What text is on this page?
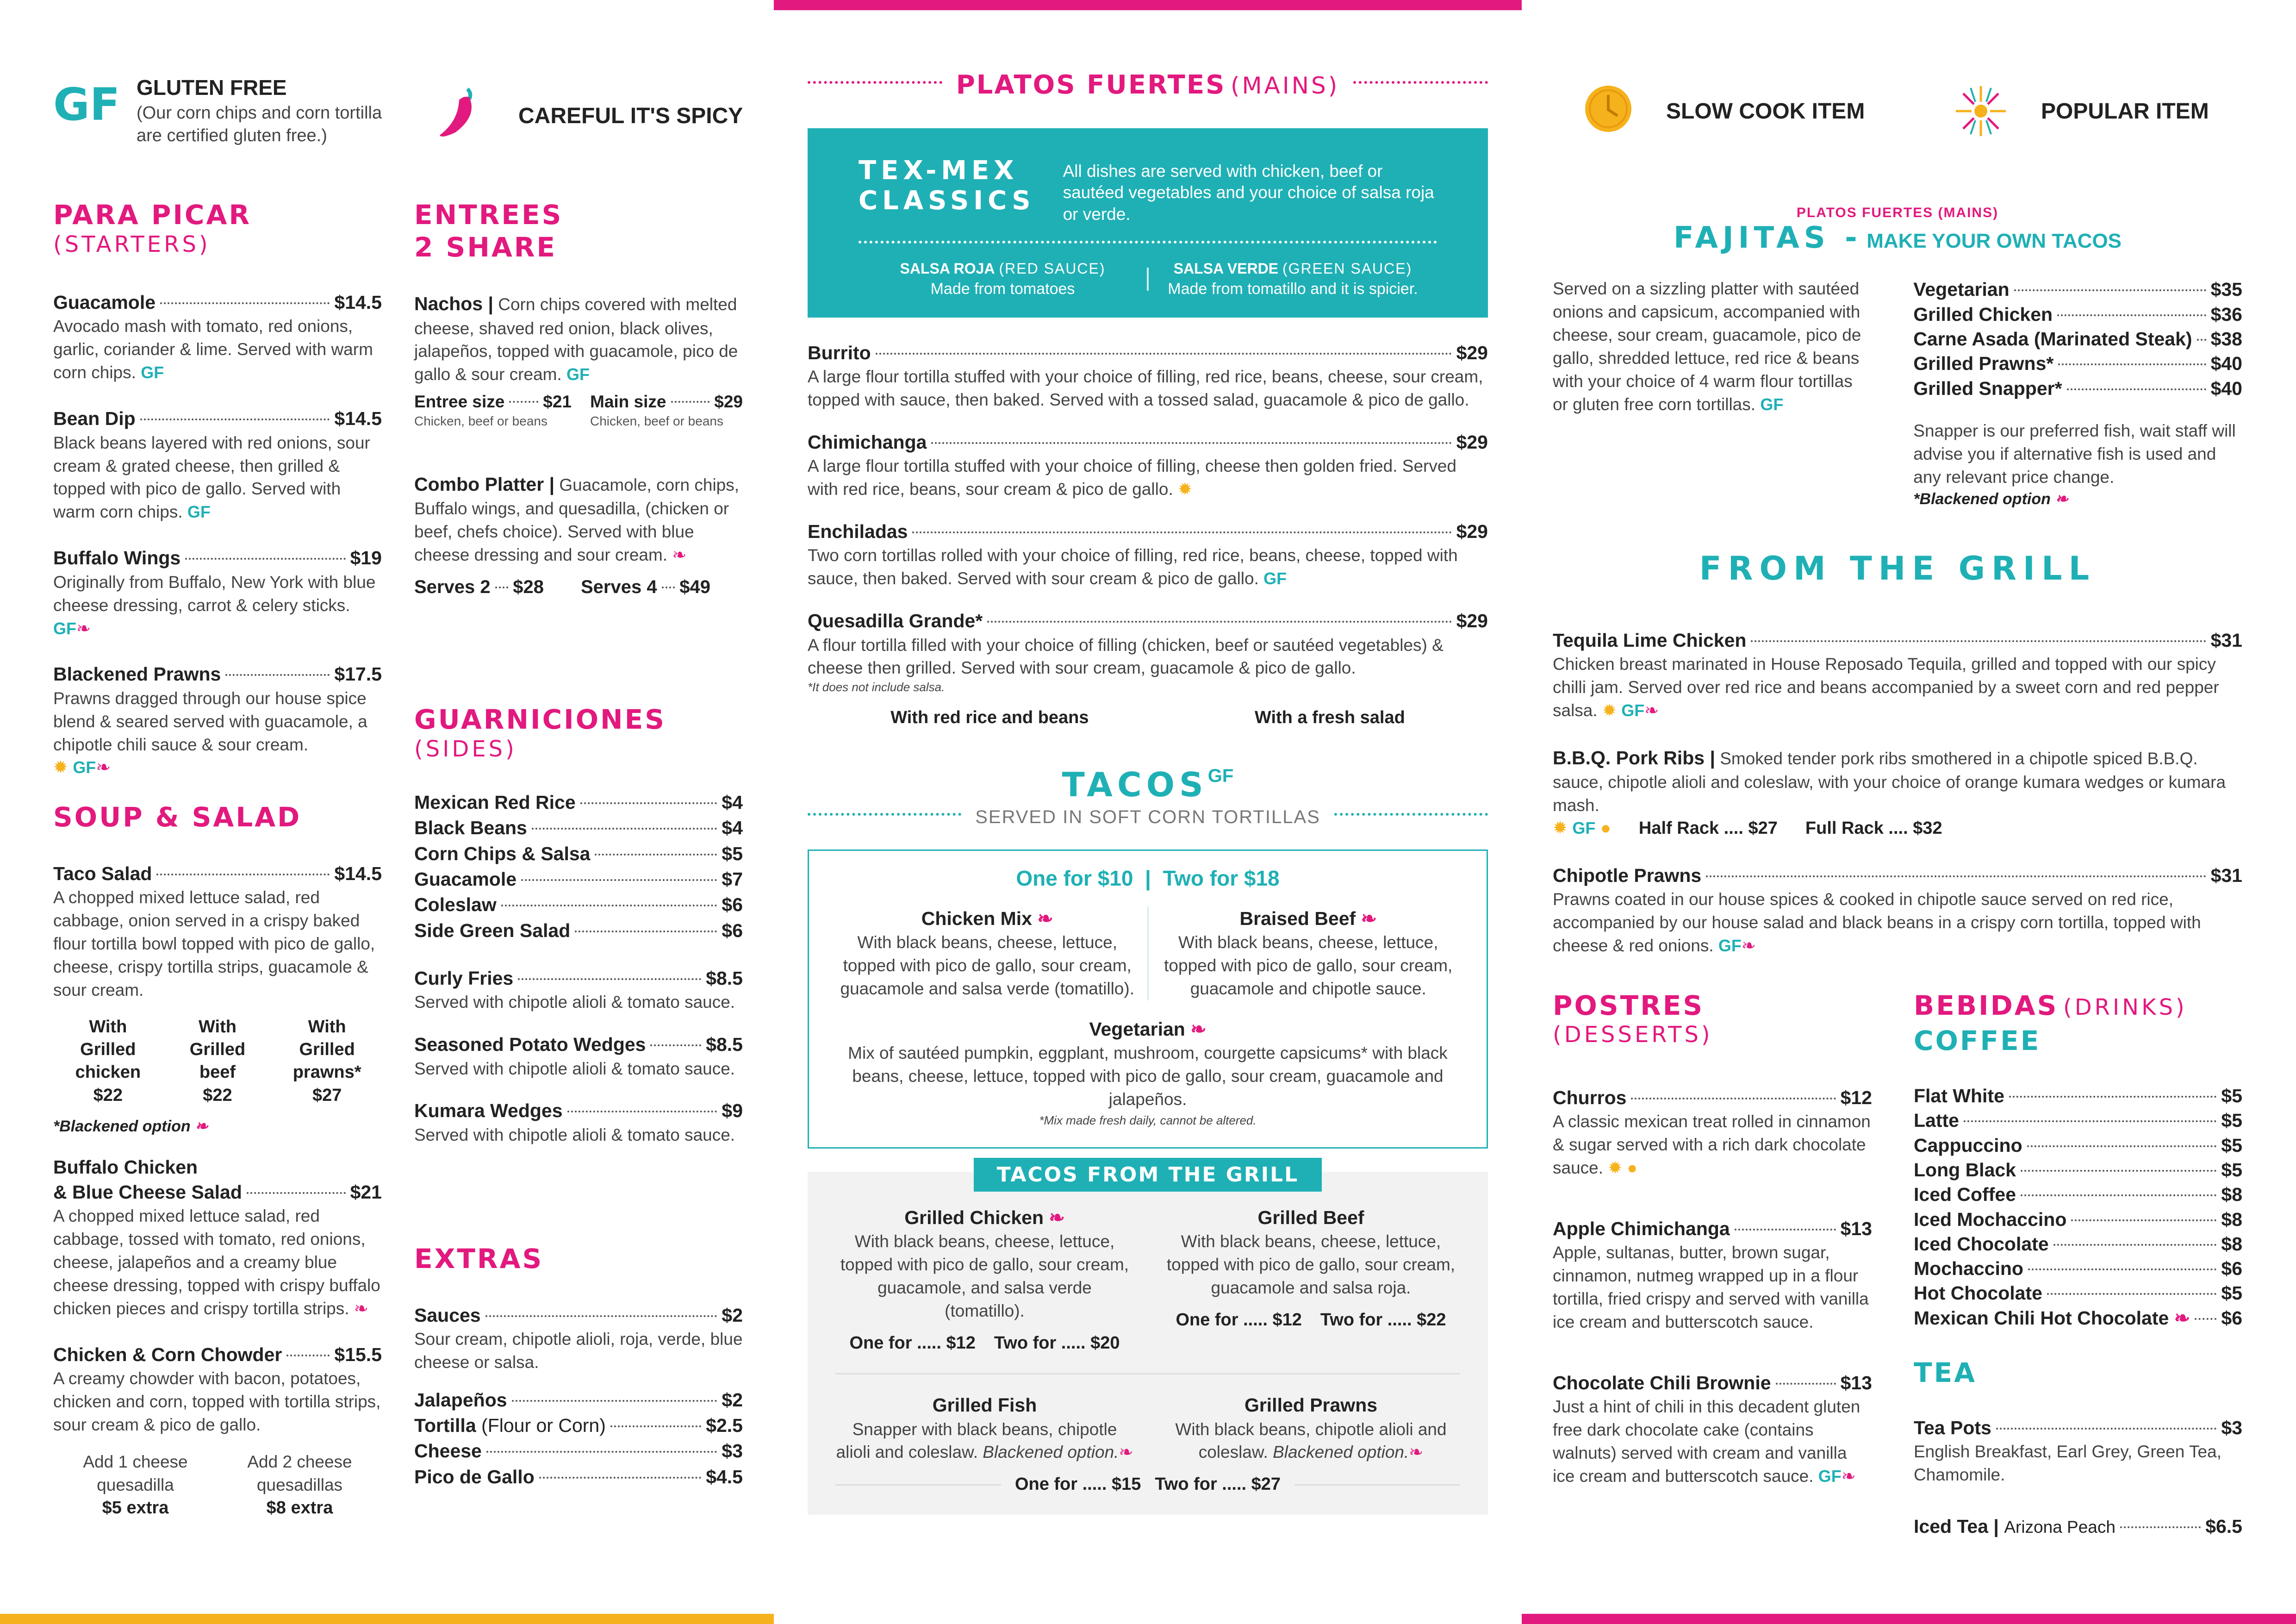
GF GLUTEN FREE
(Our corn chips and corn tortilla are certified gluten free.)
CAREFUL IT'S SPICY	SLOW COOK ITEM	POPULAR ITEM
PARA PICAR
(STARTERS)
Guacamole	$14.5
Avocado mash with tomato, red onions, garlic, coriander & lime. Served with warm corn chips. GF
Bean Dip	$14.5
Black beans layered with red onions, sour cream & grated cheese, then grilled & topped with pico de gallo. Served with warm corn chips. GF
Buffalo Wings	$19
Originally from Buffalo, New York with blue cheese dressing, carrot & celery sticks. GF❧
Blackened Prawns	$17.5
Prawns dragged through our house spice blend & seared served with guacamole, a chipotle chili sauce & sour cream.
✹ GF❧
SOUP & SALAD
Taco Salad	$14.5
A chopped mixed lettuce salad, red cabbage, onion served in a crispy baked flour tortilla bowl topped with pico de gallo, cheese, crispy tortilla strips, guacamole & sour cream.
With Grilled chicken
$22
With Grilled beef
$22
With Grilled prawns*
$27
*Blackened option ❧
Buffalo Chicken
& Blue Cheese Salad	$21
A chopped mixed lettuce salad, red cabbage, tossed with tomato, red onions, cheese, jalapeños and a creamy blue cheese dressing, topped with crispy buffalo chicken pieces and crispy tortilla strips. ❧
Chicken & Corn Chowder	$15.5
A creamy chowder with bacon, potatoes, chicken and corn, topped with tortilla strips, sour cream & pico de gallo.
Add 1 cheese quesadilla
$5 extra
Add 2 cheese quesadillas
$8 extra
ENTREES
2 SHARE
Nachos | Corn chips covered with melted cheese, shaved red onion, black olives, jalapeños, topped with guacamole, pico de gallo & sour cream. GF
Entree size $21
Chicken, beef or beans
Main size	$29
Chicken, beef or beans
Combo Platter | Guacamole, corn chips, Buffalo wings, and quesadilla, (chicken or beef, chefs choice). Served with blue cheese dressing and sour cream. ❧
Serves 2 $28 Serves 4 $49
GUARNICIONES
(SIDES)
Mexican Red Rice	$4
Black Beans	$4
Corn Chips & Salsa	$5
Guacamole	$7
Coleslaw	$6
Side Green Salad	$6
Curly Fries	$8.5
Served with chipotle alioli & tomato sauce.
Seasoned Potato Wedges	$8.5
Served with chipotle alioli & tomato sauce.
Kumara Wedges	$9
Served with chipotle alioli & tomato sauce.
EXTRAS
Sauces	$2
Sour cream, chipotle alioli, roja, verde, blue cheese or salsa.
Jalapeños	$2
Tortilla (Flour or Corn)	$2.5
Cheese	$3
Pico de Gallo	$4.5
PLATOS FUERTES (MAINS)
TEX-MEX
CLASSICS
All dishes are served with chicken, beef or sautéed vegetables and your choice of salsa roja or verde.
SALSA ROJA (RED SAUCE)
Made from tomatoes
SALSA VERDE (GREEN SAUCE)
Made from tomatillo and it is spicier.
Burrito	$29
A large flour tortilla stuffed with your choice of filling, red rice, beans, cheese, sour cream, topped with sauce, then baked. Served with a tossed salad, guacamole & pico de gallo.
Chimichanga	$29
A large flour tortilla stuffed with your choice of filling, cheese then golden fried. Served with red rice, beans, sour cream & pico de gallo. ✹
Enchiladas	$29
Two corn tortillas rolled with your choice of filling, red rice, beans, cheese, topped with sauce, then baked. Served with sour cream & pico de gallo. GF
Quesadilla Grande*	$29
A flour tortilla filled with your choice of filling (chicken, beef or sautéed vegetables) & cheese then grilled. Served with sour cream, guacamole & pico de gallo.
*It does not include salsa.
With red rice and beans	With a fresh salad
TACOSGF
SERVED IN SOFT CORN TORTILLAS
One for $10  |  Two for $18
Chicken Mix ❧
With black beans, cheese, lettuce, topped with pico de gallo, sour cream, guacamole and salsa verde (tomatillo).
Braised Beef ❧
With black beans, cheese, lettuce, topped with pico de gallo, sour cream, guacamole and chipotle sauce.
Vegetarian ❧
Mix of sautéed pumpkin, eggplant, mushroom, courgette capsicums* with black beans, cheese, lettuce, topped with pico de gallo, sour cream, guacamole and jalapeños.
*Mix made fresh daily, cannot be altered.
TACOS FROM THE GRILL
Grilled Chicken ❧
With black beans, cheese, lettuce, topped with pico de gallo, sour cream, guacamole, and salsa verde (tomatillo).
One for ..... $12 Two for ..... $20
Grilled Beef
With black beans, cheese, lettuce, topped with pico de gallo, sour cream, guacamole and salsa roja.
One for ..... $12 Two for ..... $22
Grilled Fish
Snapper with black beans, chipotle alioli and coleslaw. Blackened option.❧
Grilled Prawns
With black beans, chipotle alioli and coleslaw. Blackened option.❧
One for ..... $15 Two for ..... $27
PLATOS FUERTES (MAINS)
FAJITAS - MAKE YOUR OWN TACOS
Served on a sizzling platter with sautéed onions and capsicum, accompanied with cheese, sour cream, guacamole, pico de gallo, shredded lettuce, red rice & beans with your choice of 4 warm flour tortillas or gluten free corn tortillas. GF
Vegetarian	$35
Grilled Chicken	$36
Carne Asada (Marinated Steak) $38
Grilled Prawns*	$40
Grilled Snapper*	$40
Snapper is our preferred fish, wait staff will advise you if alternative fish is used and any relevant price change.
*Blackened option ❧
FROM THE GRILL
Tequila Lime Chicken	$31
Chicken breast marinated in House Reposado Tequila, grilled and topped with our spicy chilli jam. Served over red rice and beans accompanied by a sweet corn and red pepper salsa. ✹ GF❧
B.B.Q. Pork Ribs | Smoked tender pork ribs smothered in a chipotle spiced B.B.Q. sauce, chipotle alioli and coleslaw, with your choice of orange kumara wedges or kumara mash.
✹ GF ● Half Rack .... $27 Full Rack .... $32
Chipotle Prawns	$31
Prawns coated in our house spices & cooked in chipotle sauce served on red rice, accompanied by our house salad and black beans in a crispy corn tortilla, topped with cheese & red onions. GF❧
POSTRES
(DESSERTS)
Churros	$12
A classic mexican treat rolled in cinnamon & sugar served with a rich dark chocolate sauce. ✹ ●
Apple Chimichanga	$13
Apple, sultanas, butter, brown sugar, cinnamon, nutmeg wrapped up in a flour tortilla, fried crispy and served with vanilla ice cream and butterscotch sauce.
Chocolate Chili Brownie	$13
Just a hint of chili in this decadent gluten free dark chocolate cake (contains walnuts) served with cream and vanilla ice cream and butterscotch sauce. GF❧
BEBIDAS (DRINKS)
COFFEE
Flat White	$5
Latte	$5
Cappuccino	$5
Long Black	$5
Iced Coffee	$8
Iced Mochaccino	$8
Iced Chocolate	$8
Mochaccino	$6
Hot Chocolate	$5
Mexican Chili Hot Chocolate ❧ $6
TEA
Tea Pots	$3
English Breakfast, Earl Grey, Green Tea, Chamomile.
Iced Tea | Arizona Peach	$6.5
